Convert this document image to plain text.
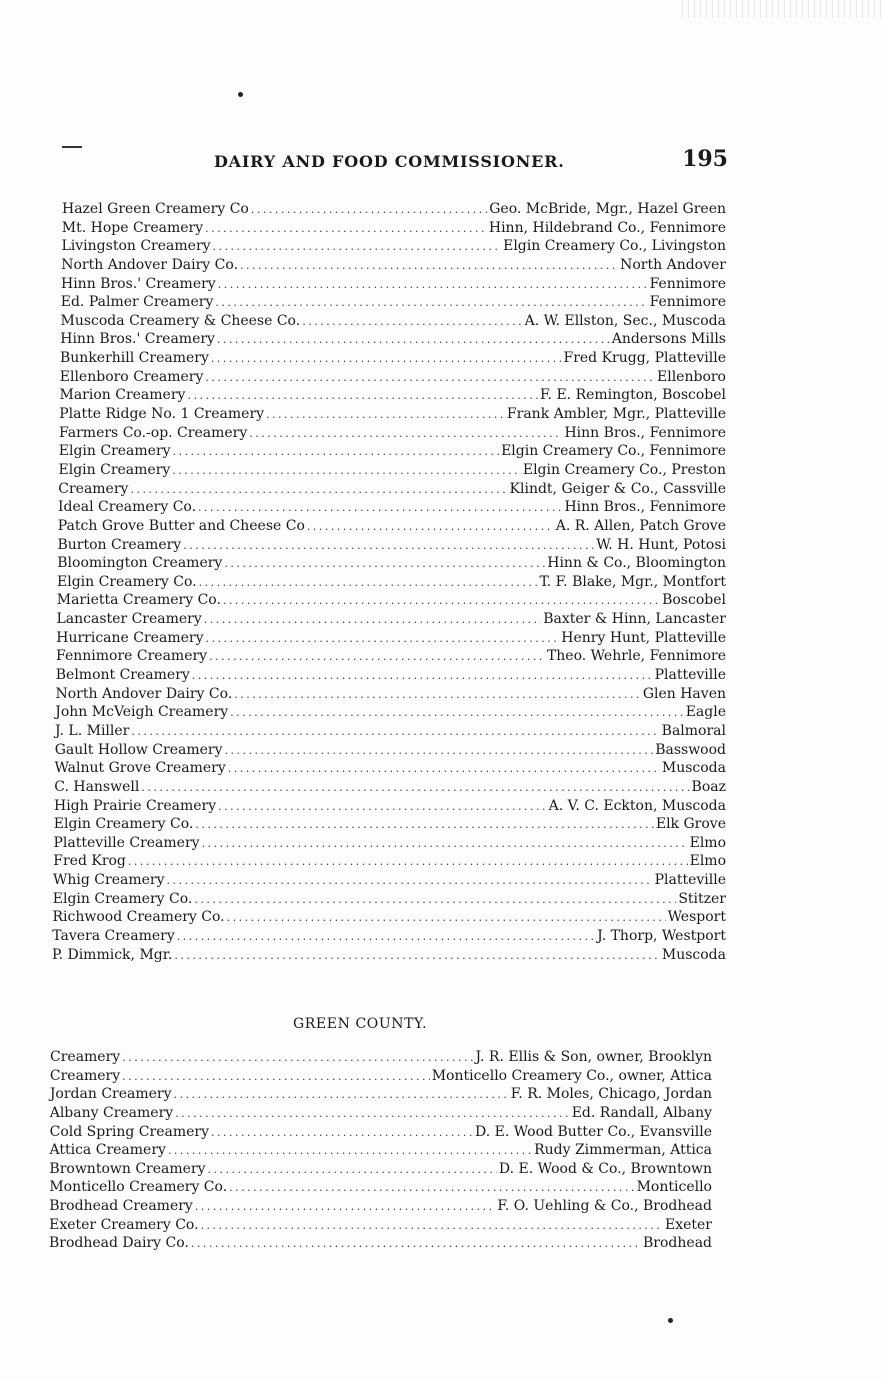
DAIRY AND FOOD COMMISSIONER.	195
Hazel Green Creamery Co .....	Geo. McBride, Mgr., Hazel Green
Mt. Hope Creamery .....	Hinn, Hildebrand Co., Fennimore
Livingston Creamery .....	Elgin Creamery Co., Livingston
North Andover Dairy Co. .....	North Andover
Hinn Bros.' Creamery .....	Fennimore
Ed. Palmer Creamery .....	Fennimore
Muscoda Creamery & Cheese Co. .....	A. W. Ellston, Sec., Muscoda
Hinn Bros.' Creamery .....	Andersons Mills
Bunkerhill Creamery .....	Fred Krugg, Platteville
Ellenboro Creamery .....	Ellenboro
Marion Creamery .....	F. E. Remington, Boscobel
Platte Ridge No. 1 Creamery .....	Frank Ambler, Mgr., Platteville
Farmers Co.-op. Creamery .....	Hinn Bros., Fennimore
Elgin Creamery .....	Elgin Creamery Co., Fennimore
Elgin Creamery .....	Elgin Creamery Co., Preston
Creamery .....	Klindt, Geiger & Co., Cassville
Ideal Creamery Co. .....	Hinn Bros., Fennimore
Patch Grove Butter and Cheese Co .....	A. R. Allen, Patch Grove
Burton Creamery .....	W. H. Hunt, Potosi
Bloomington Creamery .....	Hinn & Co., Bloomington
Elgin Creamery Co. .....	T. F. Blake, Mgr., Montfort
Marietta Creamery Co. .....	Boscobel
Lancaster Creamery .....	Baxter & Hinn, Lancaster
Hurricane Creamery .....	Henry Hunt, Platteville
Fennimore Creamery .....	Theo. Wehrle, Fennimore
Belmont Creamery .....	Platteville
North Andover Dairy Co. .....	Glen Haven
John McVeigh Creamery .....	Eagle
J. L. Miller .....	Balmoral
Gault Hollow Creamery .....	Basswood
Walnut Grove Creamery .....	Muscoda
C. Hanswell .....	Boaz
High Prairie Creamery .....	A. V. C. Eckton, Muscoda
Elgin Creamery Co. .....	Elk Grove
Platteville Creamery .....	Elmo
Fred Krog .....	Elmo
Whig Creamery .....	Platteville
Elgin Creamery Co. .....	Stitzer
Richwood Creamery Co. .....	Wesport
Tavera Creamery .....	J. Thorp, Westport
P. Dimmick, Mgr. .....	Muscoda
GREEN COUNTY.
Creamery .....	J. R. Ellis & Son, owner, Brooklyn
Creamery .....	Monticello Creamery Co., owner, Attica
Jordan Creamery .....	F. R. Moles, Chicago, Jordan
Albany Creamery .....	Ed. Randall, Albany
Cold Spring Creamery .....	D. E. Wood Butter Co., Evansville
Attica Creamery .....	Rudy Zimmerman, Attica
Browntown Creamery .....	D. E. Wood & Co., Browntown
Monticello Creamery Co. .....	Monticello
Brodhead Creamery .....	F. O. Uehling & Co., Brodhead
Exeter Creamery Co. .....	Exeter
Brodhead Dairy Co. .....	Brodhead
